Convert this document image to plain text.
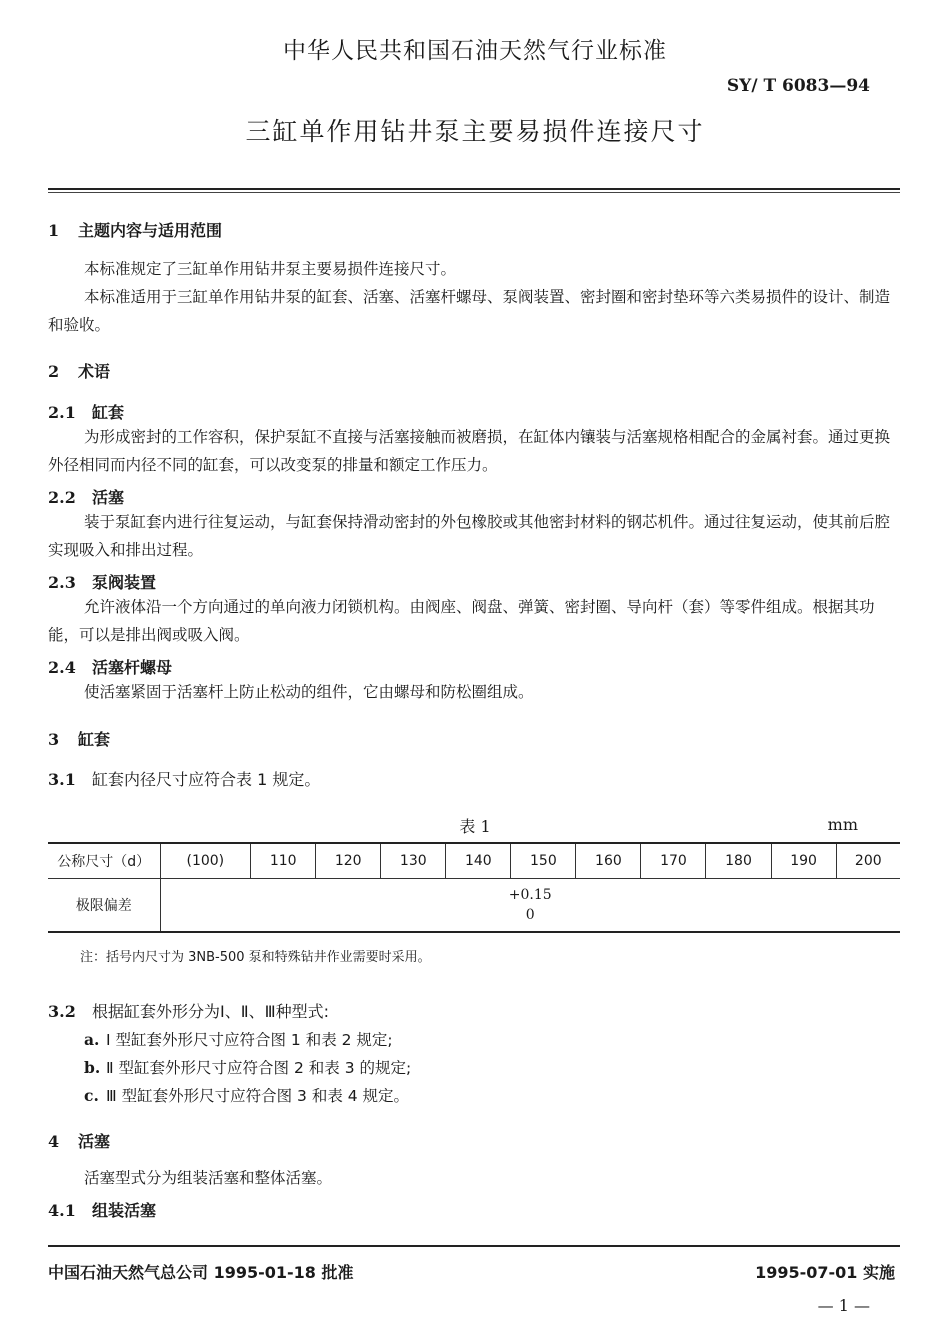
中华人民共和国石油天然气行业标准
SY/ T 6083—94
三缸单作用钻井泵主要易损件连接尺寸
1 主题内容与适用范围
本标准规定了三缸单作用钻井泵主要易损件连接尺寸。
本标准适用于三缸单作用钻井泵的缸套、活塞、活塞杆螺母、泵阀装置、密封圈和密封垫环等六类易损件的设计、制造和验收。
2 术语
2.1 缸套
为形成密封的工作容积，保护泵缸不直接与活塞接触而被磨损，在缸体内镶装与活塞规格相配合的金属衬套。通过更换外径相同而内径不同的缸套，可以改变泵的排量和额定工作压力。
2.2 活塞
装于泵缸套内进行往复运动，与缸套保持滑动密封的外包橡胶或其他密封材料的钢芯机件。通过往复运动，使其前后腔实现吸入和排出过程。
2.3 泵阀装置
允许液体沿一个方向通过的单向液力闭锁机构。由阀座、阀盘、弹簧、密封圈、导向杆（套）等零件组成。根据其功能，可以是排出阀或吸入阀。
2.4 活塞杆螺母
使活塞紧固于活塞杆上防止松动的组件，它由螺母和防松圈组成。
3 缸套
3.1 缸套内径尺寸应符合表 1 规定。
表 1	mm
公称尺寸（d）	(100)	110	120	130	140	150	160	170	180	190	200
极限偏差	+0.15
0										
注：括号内尺寸为 3NB-500 泵和特殊钻井作业需要时采用。
3.2 根据缸套外形分为Ⅰ、Ⅱ、Ⅲ种型式:
a. Ⅰ 型缸套外形尺寸应符合图 1 和表 2 规定;
b. Ⅱ 型缸套外形尺寸应符合图 2 和表 3 的规定;
c. Ⅲ 型缸套外形尺寸应符合图 3 和表 4 规定。
4 活塞
活塞型式分为组装活塞和整体活塞。
4.1 组装活塞
中国石油天然气总公司 1995-01-18 批准	1995-07-01 实施
— 1 —
